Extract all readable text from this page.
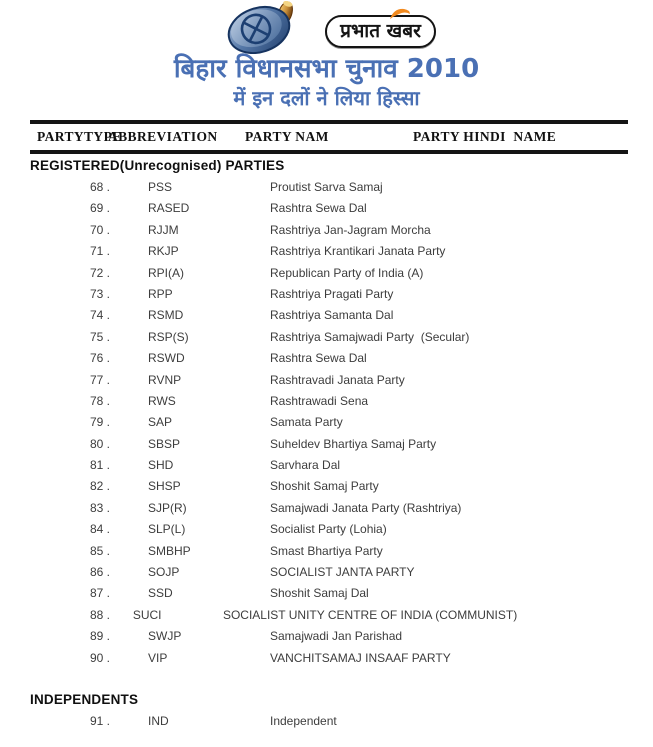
प्रभात खबर
बिहार विधानसभा चुनाव 2010
में इन दलों ने लिया हिस्सा
PARTYTYPE
ABBREVIATION PARTY NAM	PARTY HINDI  NAME
REGISTERED(Unrecognised) PARTIES
68 .	PSS	Proutist Sarva Samaj
69 .	RASED	Rashtra Sewa Dal
70 .	RJJM	Rashtriya Jan-Jagram Morcha
71 .	RKJP	Rashtriya Krantikari Janata Party
72 .	RPI(A)	Republican Party of India (A)
73 .	RPP	Rashtriya Pragati Party
74 .	RSMD	Rashtriya Samanta Dal
75 .	RSP(S)	Rashtriya Samajwadi Party  (Secular)
76 .	RSWD	Rashtra Sewa Dal
77 .	RVNP	Rashtravadi Janata Party
78 .	RWS	Rashtrawadi Sena
79 .	SAP	Samata Party
80 .	SBSP	Suheldev Bhartiya Samaj Party
81 .	SHD	Sarvhara Dal
82 .	SHSP	Shoshit Samaj Party
83 .	SJP(R)	Samajwadi Janata Party (Rashtriya)
84 .	SLP(L)	Socialist Party (Lohia)
85 .	SMBHP	Smast Bhartiya Party
86 .	SOJP	SOCIALIST JANTA PARTY
87 .	SSD	Shoshit Samaj Dal
88 .	SUCI	SOCIALIST UNITY CENTRE OF INDIA (COMMUNIST)
89 .	SWJP	Samajwadi Jan Parishad
90 .	VIP	VANCHITSAMAJ INSAAF PARTY
INDEPENDENTS
91 .	IND	Independent
